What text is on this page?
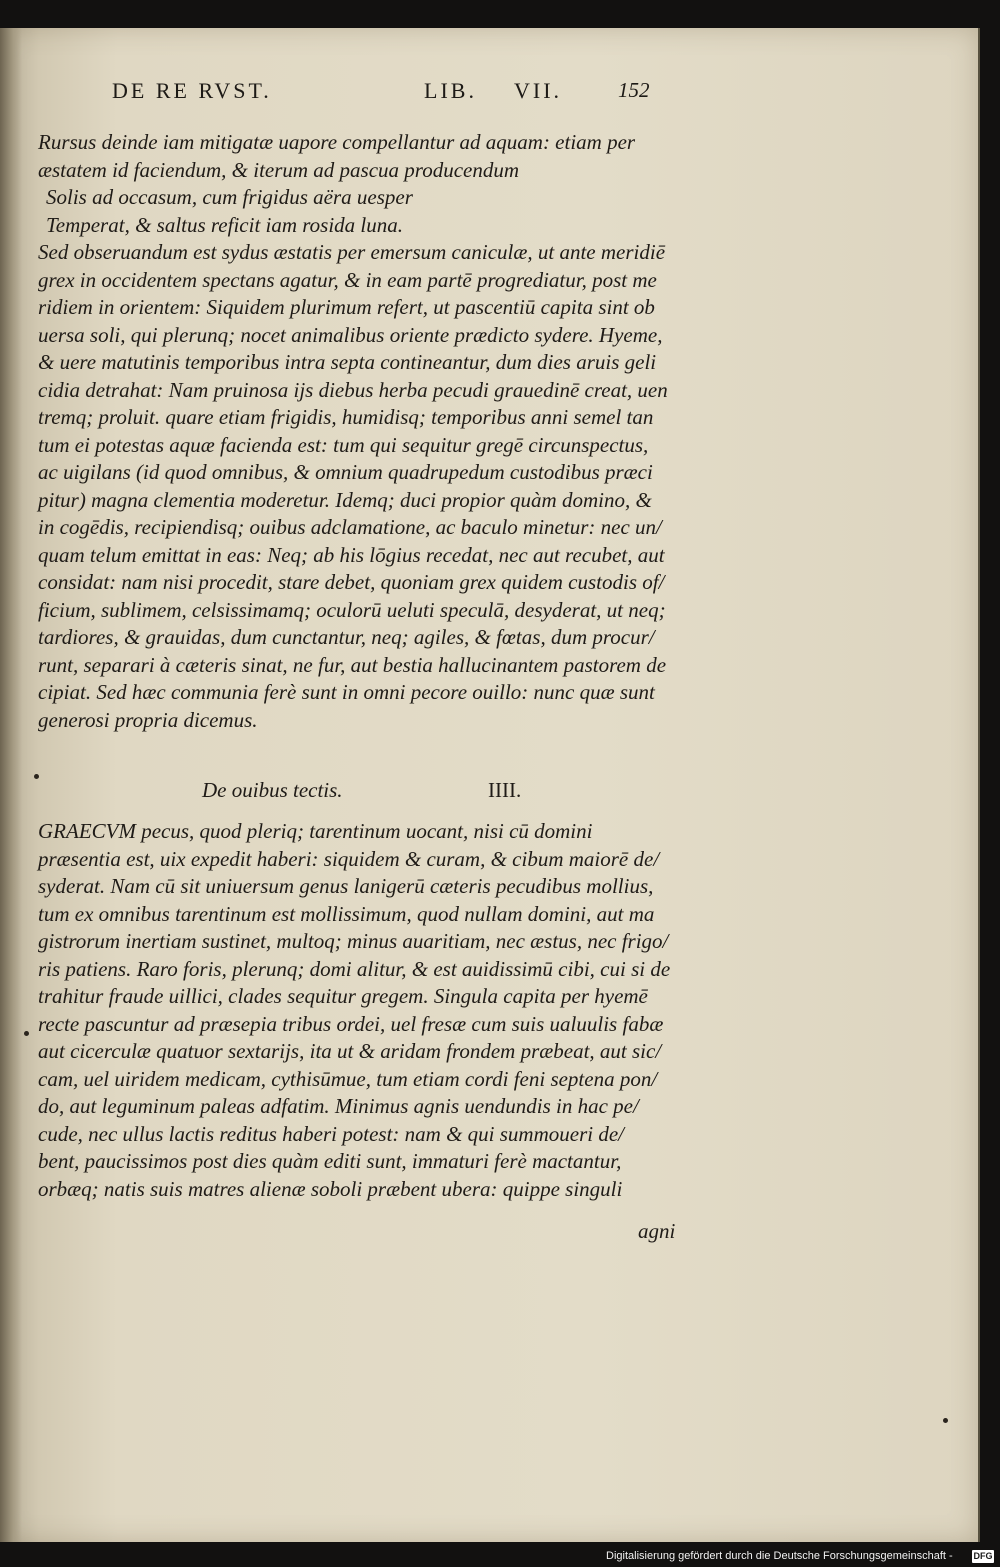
DE RE RVST.	LIB. VII.	152
Rursus deinde iam mitigatæ uapore compellantur ad aquam: etiam per
æstatem id faciendum, & iterum ad pascua producendum
Solis ad occasum, cum frigidus aëra uesper
Temperat, & saltus reficit iam rosida luna.
Sed obseruandum est sydus æstatis per emersum caniculæ, ut ante meridiē
grex in occidentem spectans agatur, & in eam partē progrediatur, post me
ridiem in orientem: Siquidem plurimum refert, ut pascentiū capita sint ob
uersa soli, qui plerunq; nocet animalibus oriente prædicto sydere. Hyeme,
& uere matutinis temporibus intra septa contineantur, dum dies aruis geli
cidia detrahat: Nam pruinosa ijs diebus herba pecudi grauedinē creat, uen
tremq; proluit. quare etiam frigidis, humidisq; temporibus anni semel tan
tum ei potestas aquæ facienda est: tum qui sequitur gregē circunspectus,
ac uigilans (id quod omnibus, & omnium quadrupedum custodibus præci
pitur) magna clementia moderetur. Idemq; duci propior quàm domino, &
in cogēdis, recipiendisq; ouibus adclamatione, ac baculo minetur: nec un/
quam telum emittat in eas: Neq; ab his lōgius recedat, nec aut recubet, aut
considat: nam nisi procedit, stare debet, quoniam grex quidem custodis of/
ficium, sublimem, celsissimamq; oculorū ueluti speculā, desyderat, ut neq;
tardiores, & grauidas, dum cunctantur, neq; agiles, & fœtas, dum procur/
runt, separari à cæteris sinat, ne fur, aut bestia hallucinantem pastorem de
cipiat. Sed hæc communia ferè sunt in omni pecore ouillo: nunc quæ sunt
generosi propria dicemus.
De ouibus tectis.	IIII.
GRAECVM pecus, quod pleriq; tarentinum uocant, nisi cū domini
præsentia est, uix expedit haberi: siquidem & curam, & cibum maiorē de/
syderat. Nam cū sit uniuersum genus lanigerū cæteris pecudibus mollius,
tum ex omnibus tarentinum est mollissimum, quod nullam domini, aut ma
gistrorum inertiam sustinet, multoq; minus auaritiam, nec æstus, nec frigo/
ris patiens. Raro foris, plerunq; domi alitur, & est auidissimū cibi, cui si de
trahitur fraude uillici, clades sequitur gregem. Singula capita per hyemē
recte pascuntur ad præsepia tribus ordei, uel fresæ cum suis ualuulis fabæ
aut cicerculæ quatuor sextarijs, ita ut & aridam frondem præbeat, aut sic/
cam, uel uiridem medicam, cythisūmue, tum etiam cordi feni septena pon/
do, aut leguminum paleas adfatim. Minimus agnis uendundis in hac pe/
cude, nec ullus lactis reditus haberi potest: nam & qui summoueri de/
bent, paucissimos post dies quàm editi sunt, immaturi ferè mactantur,
orbæq; natis suis matres alienæ soboli præbent ubera: quippe singuli
agni
Digitalisierung gefördert durch die Deutsche Forschungsgemeinschaft - DFG
